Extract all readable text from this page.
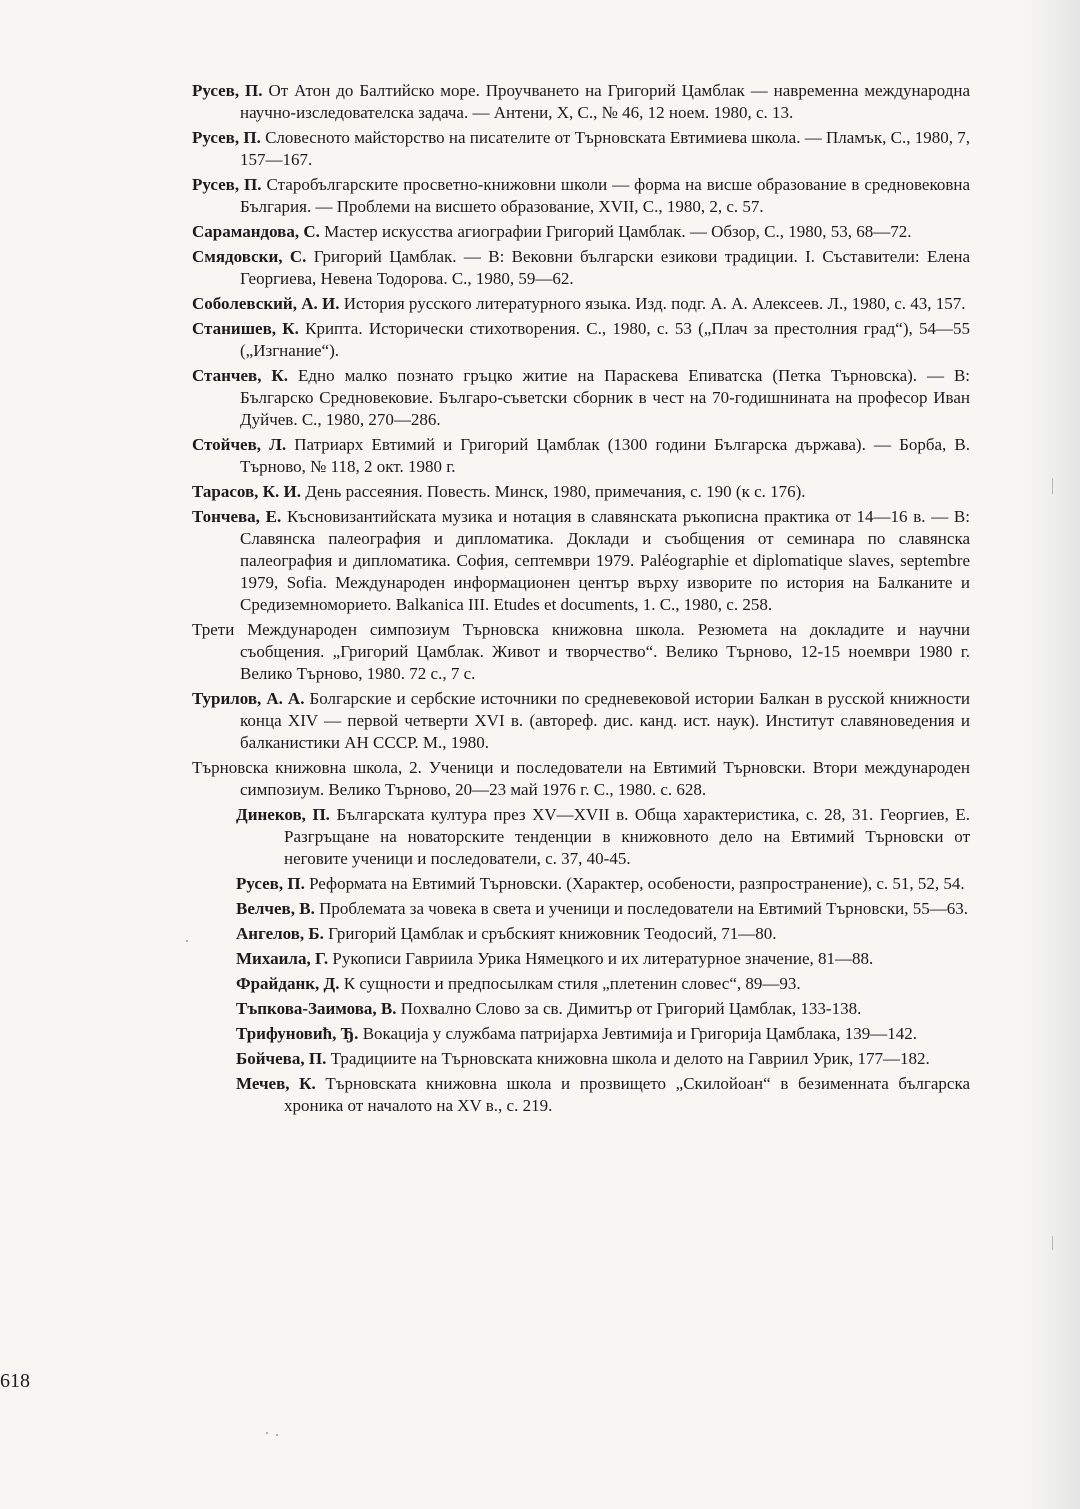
Русев, П. От Атон до Балтийско море. Проучването на Григорий Цамблак — навременна международна научно-изследователска задача. — Антени, X, С., № 46, 12 ноем. 1980, с. 13.

Русев, П. Словесното майсторство на писателите от Търновската Евтимиева школа. — Пламък, С., 1980, 7, 157—167.

Русев, П. Старобългарските просветно-книжовни школи — форма на висше образование в средновековна България. — Проблеми на висшето образование, XVII, С., 1980, 2, с. 57.

Сарамандова, С. Мастер искусства агиографии Григорий Цамблак. — Обзор, С., 1980, 53, 68—72.

Смядовски, С. Григорий Цамблак. — В: Вековни български езикови традиции. I. Съставители: Елена Георгиева, Невена Тодорова. С., 1980, 59—62.

Соболевский, А. И. История русского литературного языка. Изд. подг. А. А. Алексеев. Л., 1980, с. 43, 157.

Станишев, К. Крипта. Исторически стихотворения. С., 1980, с. 53 („Плач за престолния град“), 54—55 („Изгнание“).

Станчев, К. Едно малко познато гръцко житие на Параскева Епиватска (Петка Търновска). — В: Българско Средновековие. Българо-съветски сборник в чест на 70-годишнината на професор Иван Дуйчев. С., 1980, 270—286.

Стойчев, Л. Патриарх Евтимий и Григорий Цамблак (1300 години Българска държава). — Борба, В. Търново, № 118, 2 окт. 1980 г.

Тарасов, К. И. День рассеяния. Повесть. Минск, 1980, примечания, с. 190 (к с. 176).

Тончева, Е. Късновизантийската музика и нотация в славянската ръкописна практика от 14—16 в. — В: Славянска палеография и дипломатика. Доклади и съобщения от семинара по славянска палеография и дипломатика. София, септември 1979. Paléographie et diplomatique slaves, septembre 1979, Sofia. Международен информационен център върху изворите по история на Балканите и Средиземноморието. Balkanica III. Etudes et documents, 1. С., 1980, с. 258.

Трети Международен симпозиум Търновска книжовна школа. Резюмета на докладите и научни съобщения. „Григорий Цамблак. Живот и творчество“. Велико Търново, 12-15 ноември 1980 г. Велико Търново, 1980. 72 с., 7 с.

Турилов, А. А. Болгарские и сербские источники по средневековой истории Балкан в русской книжности конца XIV — первой четверти XVI в. (автореф. дис. канд. ист. наук). Институт славяноведения и балканистики АН СССР. М., 1980.

Търновска книжовна школа, 2. Ученици и последователи на Евтимий Търновски. Втори международен симпозиум. Велико Търново, 20—23 май 1976 г. С., 1980. с. 628.

Динеков, П. Българската култура през XV—XVII в. Обща характеристика, с. 28, 31. Георгиев, Е. Разгръщане на новаторските тенденции в книжовното дело на Евтимий Търновски от неговите ученици и последователи, с. 37, 40-45.

Русев, П. Реформата на Евтимий Търновски. (Характер, особености, разпространение), с. 51, 52, 54.

Велчев, В. Проблемата за човека в света и ученици и последователи на Евтимий Търновски, 55—63.

Ангелов, Б. Григорий Цамблак и сръбският книжовник Теодосий, 71—80.

Михаила, Г. Рукописи Гавриила Урика Нямецкого и их литературное значение, 81—88.

Фрайданк, Д. К сущности и предпосылкам стиля „плетенин словес“, 89—93.

Тъпкова-Заимова, В. Похвално Слово за св. Димитър от Григорий Цамблак, 133-138.

Трифуновић, Ђ. Вокација у службама патријарха Јевтимија и Григорија Цамблака, 139—142.

Бойчева, П. Традициите на Търновската книжовна школа и делото на Гавриил Урик, 177—182.

Мечев, К. Търновската книжовна школа и прозвището „Скилойоан“ в безименната българска хроника от началото на XV в., с. 219.

618
